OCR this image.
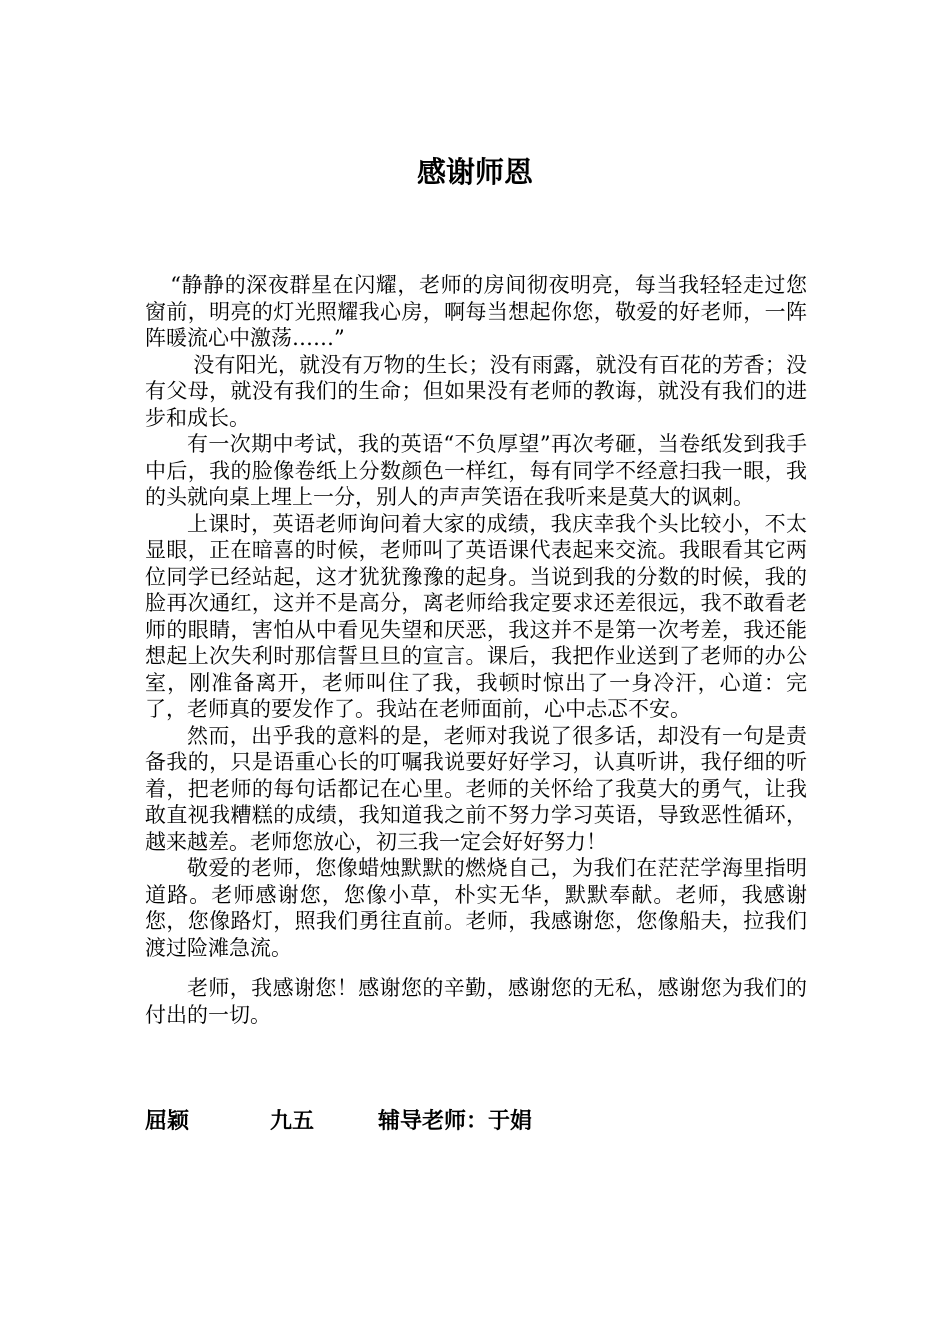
感谢师恩

“静静的深夜群星在闪耀，老师的房间彻夜明亮，每当我轻轻走过您窗前，明亮的灯光照耀我心房，啊每当想起你您，敬爱的好老师，一阵阵暖流心中激荡……”

没有阳光，就没有万物的生长；没有雨露，就没有百花的芳香；没有父母，就没有我们的生命；但如果没有老师的教诲，就没有我们的进步和成长。

有一次期中考试，我的英语“不负厚望”再次考砸，当卷纸发到我手中后，我的脸像卷纸上分数颜色一样红，每有同学不经意扫我一眼，我的头就向桌上埋上一分，别人的声声笑语在我听来是莫大的讽刺。

上课时，英语老师询问着大家的成绩，我庆幸我个头比较小，不太显眼，正在暗喜的时候，老师叫了英语课代表起来交流。我眼看其它两位同学已经站起，这才犹犹豫豫的起身。当说到我的分数的时候，我的脸再次通红，这并不是高分，离老师给我定要求还差很远，我不敢看老师的眼睛，害怕从中看见失望和厌恶，我这并不是第一次考差，我还能想起上次失利时那信誓旦旦的宣言。课后，我把作业送到了老师的办公室，刚准备离开，老师叫住了我，我顿时惊出了一身冷汗，心道：完了，老师真的要发作了。我站在老师面前，心中忐忑不安。

然而，出乎我的意料的是，老师对我说了很多话，却没有一句是责备我的，只是语重心长的叮嘱我说要好好学习，认真听讲，我仔细的听着，把老师的每句话都记在心里。老师的关怀给了我莫大的勇气，让我敢直视我糟糕的成绩，我知道我之前不努力学习英语，导致恶性循环，越来越差。老师您放心，初三我一定会好好努力！

敬爱的老师，您像蜡烛默默的燃烧自己，为我们在茫茫学海里指明道路。老师感谢您，您像小草，朴实无华，默默奉献。老师，我感谢您，您像路灯，照我们勇往直前。老师，我感谢您，您像船夫，拉我们渡过险滩急流。

老师，我感谢您！感谢您的辛勤，感谢您的无私，感谢您为我们的付出的一切。

屈颖	九五	辅导老师：于娟
